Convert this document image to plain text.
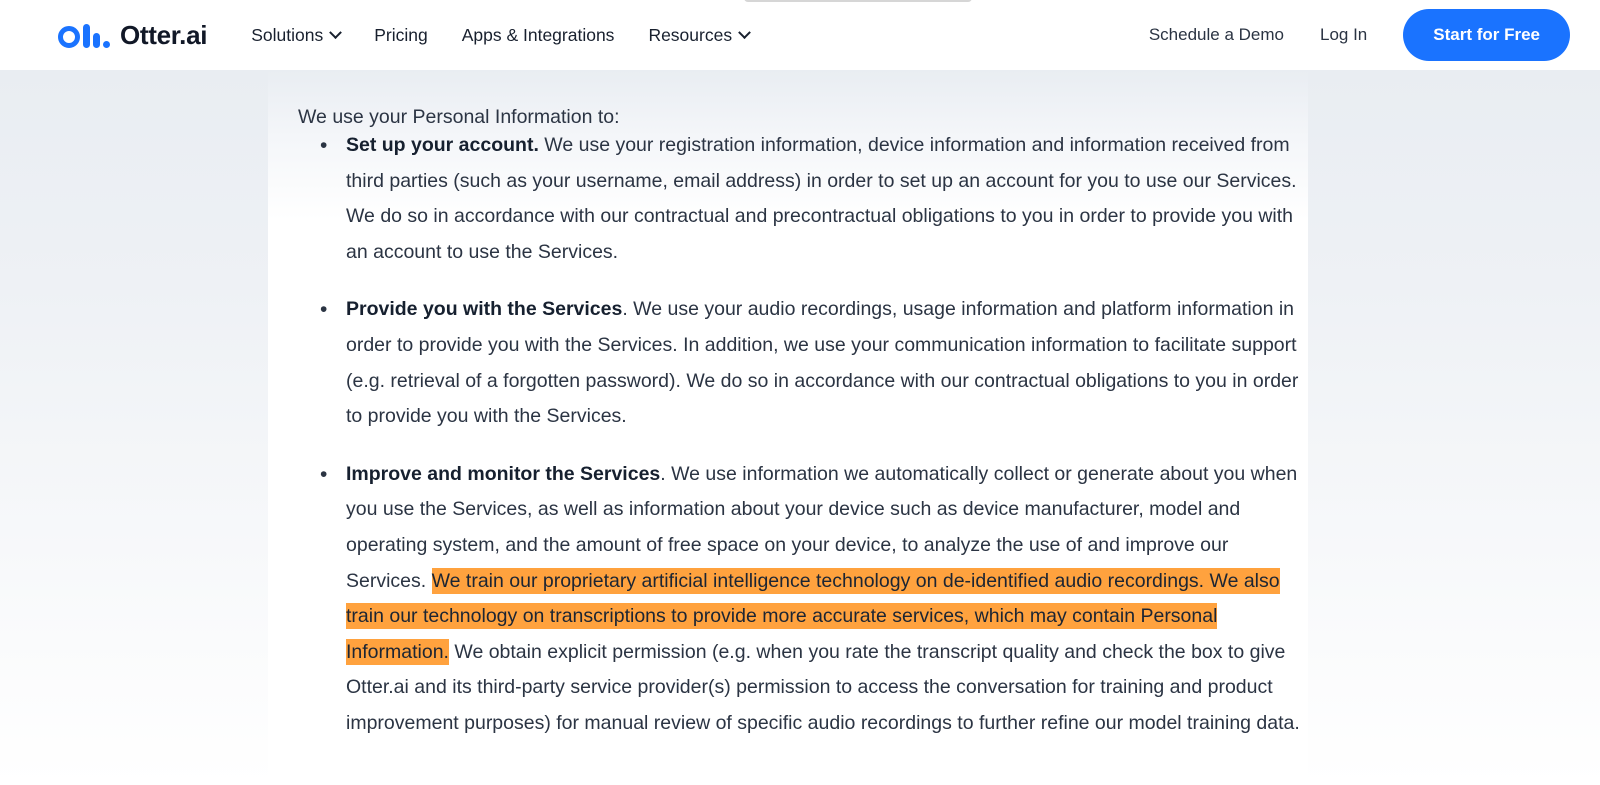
Otter.ai	Solutions	Pricing Apps & Integrations Resources	Schedule a Demo Log In	Start for Free

We use your Personal Information to:

• Set up your account. We use your registration information, device information and information received from third parties (such as your username, email address) in order to set up an account for you to use our Services. We do so in accordance with our contractual and precontractual obligations to you in order to provide you with an account to use the Services.
• Provide you with the Services. We use your audio recordings, usage information and platform information in order to provide you with the Services. In addition, we use your communication information to facilitate support (e.g. retrieval of a forgotten password). We do so in accordance with our contractual obligations to you in order to provide you with the Services.
• Improve and monitor the Services. We use information we automatically collect or generate about you when you use the Services, as well as information about your device such as device manufacturer, model and operating system, and the amount of free space on your device, to analyze the use of and improve our Services. We train our proprietary artificial intelligence technology on de-identified audio recordings. We also train our technology on transcriptions to provide more accurate services, which may contain Personal Information. We obtain explicit permission (e.g. when you rate the transcript quality and check the box to give Otter.ai and its third-party service provider(s) permission to access the conversation for training and product improvement purposes) for manual review of specific audio recordings to further refine our model training data.
